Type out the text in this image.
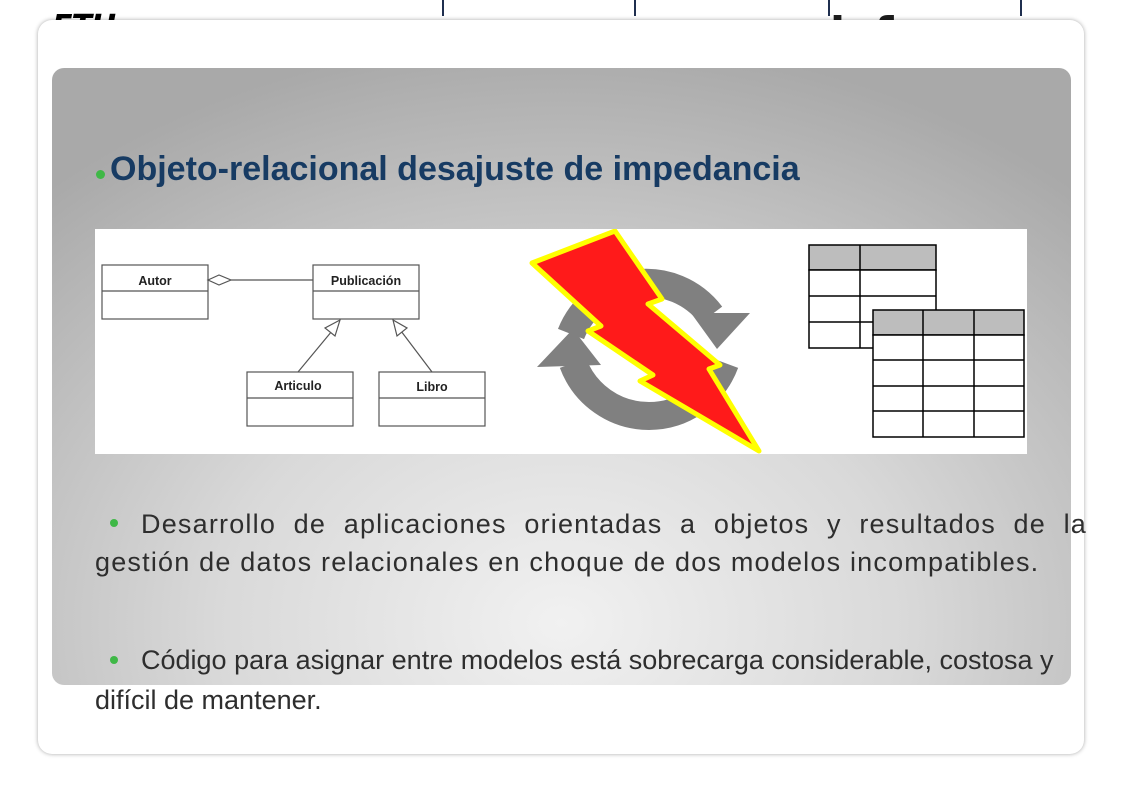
Objeto-relacional desajuste de impedancia
Autor	Publicación
Articulo	Libro
Desarrollo de aplicaciones orientadas a objetos y resultados de la gestión de datos relacionales en choque de dos modelos incompatibles.
Código para asignar entre modelos está sobrecarga considerable, costosa y difícil de mantener.
